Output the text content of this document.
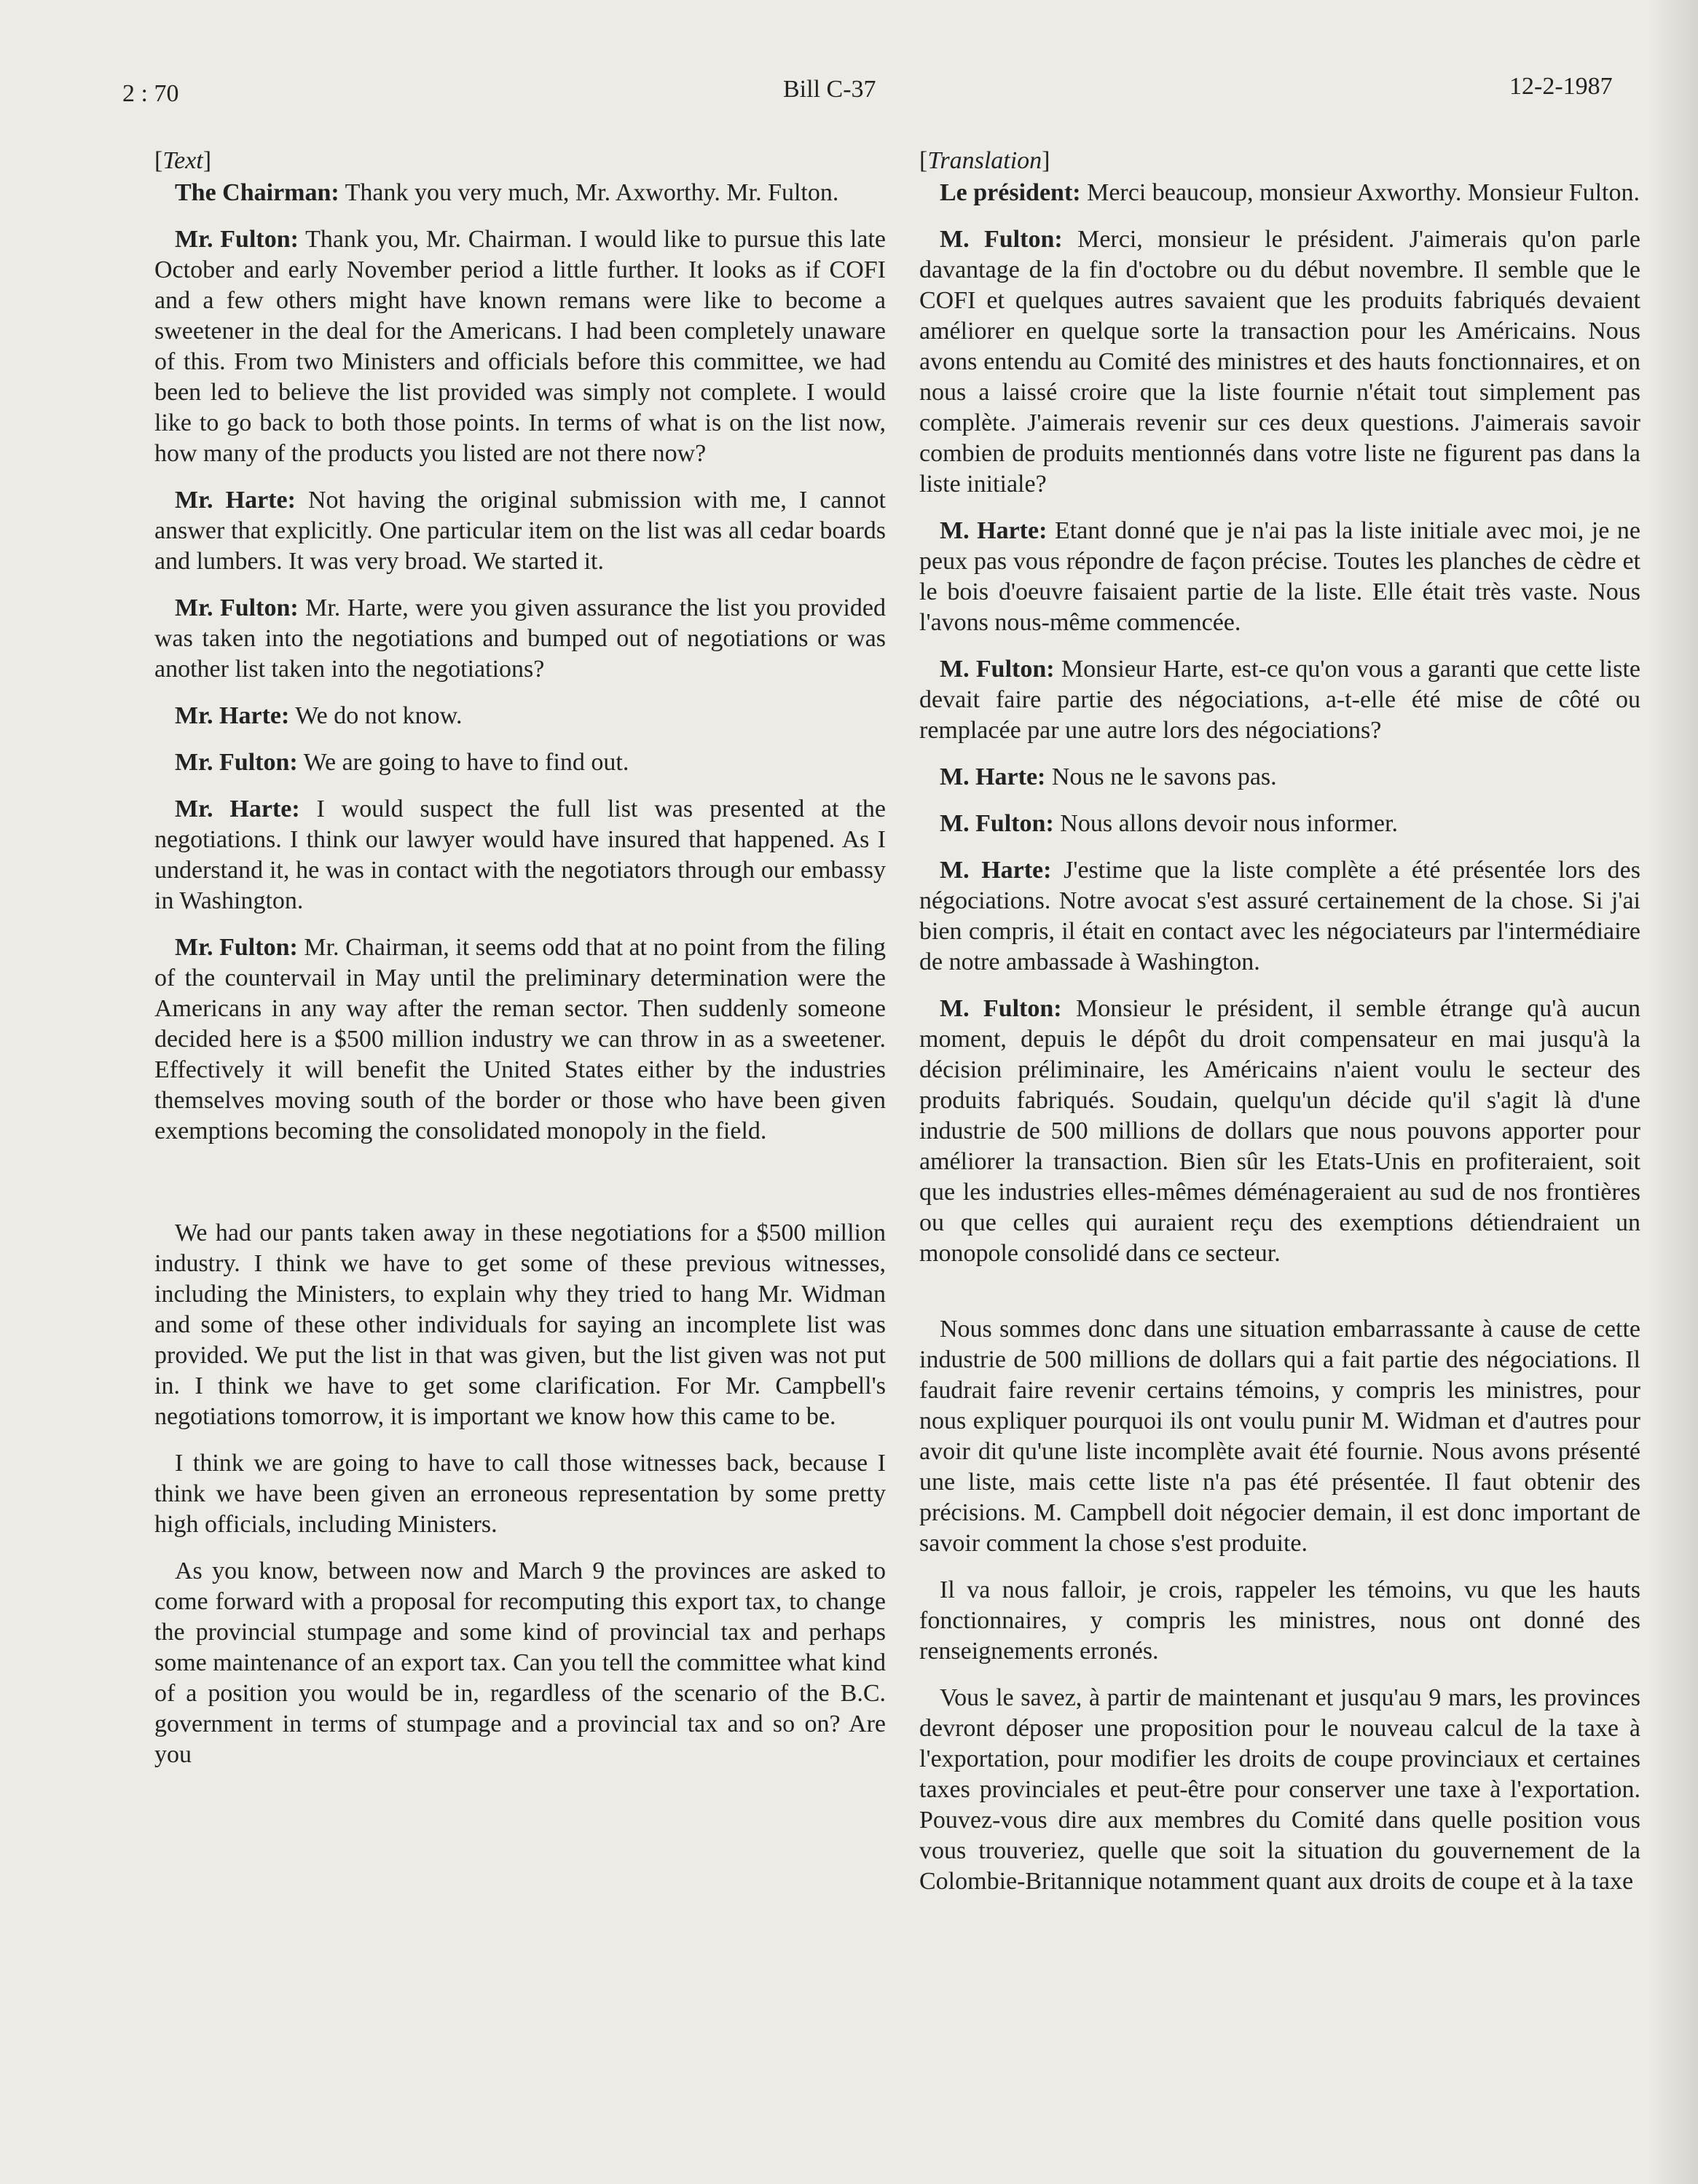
2 : 70	Bill C-37	12-2-1987
[Text]

The Chairman: Thank you very much, Mr. Axworthy. Mr. Fulton.

Mr. Fulton: Thank you, Mr. Chairman. I would like to pursue this late October and early November period a little further. It looks as if COFI and a few others might have known remans were like to become a sweetener in the deal for the Americans. I had been completely unaware of this. From two Ministers and officials before this committee, we had been led to believe the list provided was simply not complete. I would like to go back to both those points. In terms of what is on the list now, how many of the products you listed are not there now?

Mr. Harte: Not having the original submission with me, I cannot answer that explicitly. One particular item on the list was all cedar boards and lumbers. It was very broad. We started it.

Mr. Fulton: Mr. Harte, were you given assurance the list you provided was taken into the negotiations and bumped out of negotiations or was another list taken into the negotiations?

Mr. Harte: We do not know.

Mr. Fulton: We are going to have to find out.

Mr. Harte: I would suspect the full list was presented at the negotiations. I think our lawyer would have insured that happened. As I understand it, he was in contact with the negotiators through our embassy in Washington.

Mr. Fulton: Mr. Chairman, it seems odd that at no point from the filing of the countervail in May until the preliminary determination were the Americans in any way after the reman sector. Then suddenly someone decided here is a $500 million industry we can throw in as a sweetener. Effectively it will benefit the United States either by the industries themselves moving south of the border or those who have been given exemptions becoming the consolidated monopoly in the field.

We had our pants taken away in these negotiations for a $500 million industry. I think we have to get some of these previous witnesses, including the Ministers, to explain why they tried to hang Mr. Widman and some of these other individuals for saying an incomplete list was provided. We put the list in that was given, but the list given was not put in. I think we have to get some clarification. For Mr. Campbell's negotiations tomorrow, it is important we know how this came to be.

I think we are going to have to call those witnesses back, because I think we have been given an erroneous representation by some pretty high officials, including Ministers.

As you know, between now and March 9 the provinces are asked to come forward with a proposal for recomputing this export tax, to change the provincial stumpage and some kind of provincial tax and perhaps some maintenance of an export tax. Can you tell the committee what kind of a position you would be in, regardless of the scenario of the B.C. government in terms of stumpage and a provincial tax and so on? Are you

[Translation]

Le président: Merci beaucoup, monsieur Axworthy. Monsieur Fulton.

M. Fulton: Merci, monsieur le président. J'aimerais qu'on parle davantage de la fin d'octobre ou du début novembre. Il semble que le COFI et quelques autres savaient que les produits fabriqués devaient améliorer en quelque sorte la transaction pour les Américains. Nous avons entendu au Comité des ministres et des hauts fonctionnaires, et on nous a laissé croire que la liste fournie n'était tout simplement pas complète. J'aimerais revenir sur ces deux questions. J'aimerais savoir combien de produits mentionnés dans votre liste ne figurent pas dans la liste initiale?

M. Harte: Etant donné que je n'ai pas la liste initiale avec moi, je ne peux pas vous répondre de façon précise. Toutes les planches de cèdre et le bois d'oeuvre faisaient partie de la liste. Elle était très vaste. Nous l'avons nous-même commencée.

M. Fulton: Monsieur Harte, est-ce qu'on vous a garanti que cette liste devait faire partie des négociations, a-t-elle été mise de côté ou remplacée par une autre lors des négociations?

M. Harte: Nous ne le savons pas.

M. Fulton: Nous allons devoir nous informer.

M. Harte: J'estime que la liste complète a été présentée lors des négociations. Notre avocat s'est assuré certainement de la chose. Si j'ai bien compris, il était en contact avec les négociateurs par l'intermédiaire de notre ambassade à Washington.

M. Fulton: Monsieur le président, il semble étrange qu'à aucun moment, depuis le dépôt du droit compensateur en mai jusqu'à la décision préliminaire, les Américains n'aient voulu le secteur des produits fabriqués. Soudain, quelqu'un décide qu'il s'agit là d'une industrie de 500 millions de dollars que nous pouvons apporter pour améliorer la transaction. Bien sûr les Etats-Unis en profiteraient, soit que les industries elles-mêmes déménageraient au sud de nos frontières ou que celles qui auraient reçu des exemptions détiendraient un monopole consolidé dans ce secteur.

Nous sommes donc dans une situation embarrassante à cause de cette industrie de 500 millions de dollars qui a fait partie des négociations. Il faudrait faire revenir certains témoins, y compris les ministres, pour nous expliquer pourquoi ils ont voulu punir M. Widman et d'autres pour avoir dit qu'une liste incomplète avait été fournie. Nous avons présenté une liste, mais cette liste n'a pas été présentée. Il faut obtenir des précisions. M. Campbell doit négocier demain, il est donc important de savoir comment la chose s'est produite.

Il va nous falloir, je crois, rappeler les témoins, vu que les hauts fonctionnaires, y compris les ministres, nous ont donné des renseignements erronés.

Vous le savez, à partir de maintenant et jusqu'au 9 mars, les provinces devront déposer une proposition pour le nouveau calcul de la taxe à l'exportation, pour modifier les droits de coupe provinciaux et certaines taxes provinciales et peut-être pour conserver une taxe à l'exportation. Pouvez-vous dire aux membres du Comité dans quelle position vous vous trouveriez, quelle que soit la situation du gouvernement de la Colombie-Britannique notamment quant aux droits de coupe et à la taxe
